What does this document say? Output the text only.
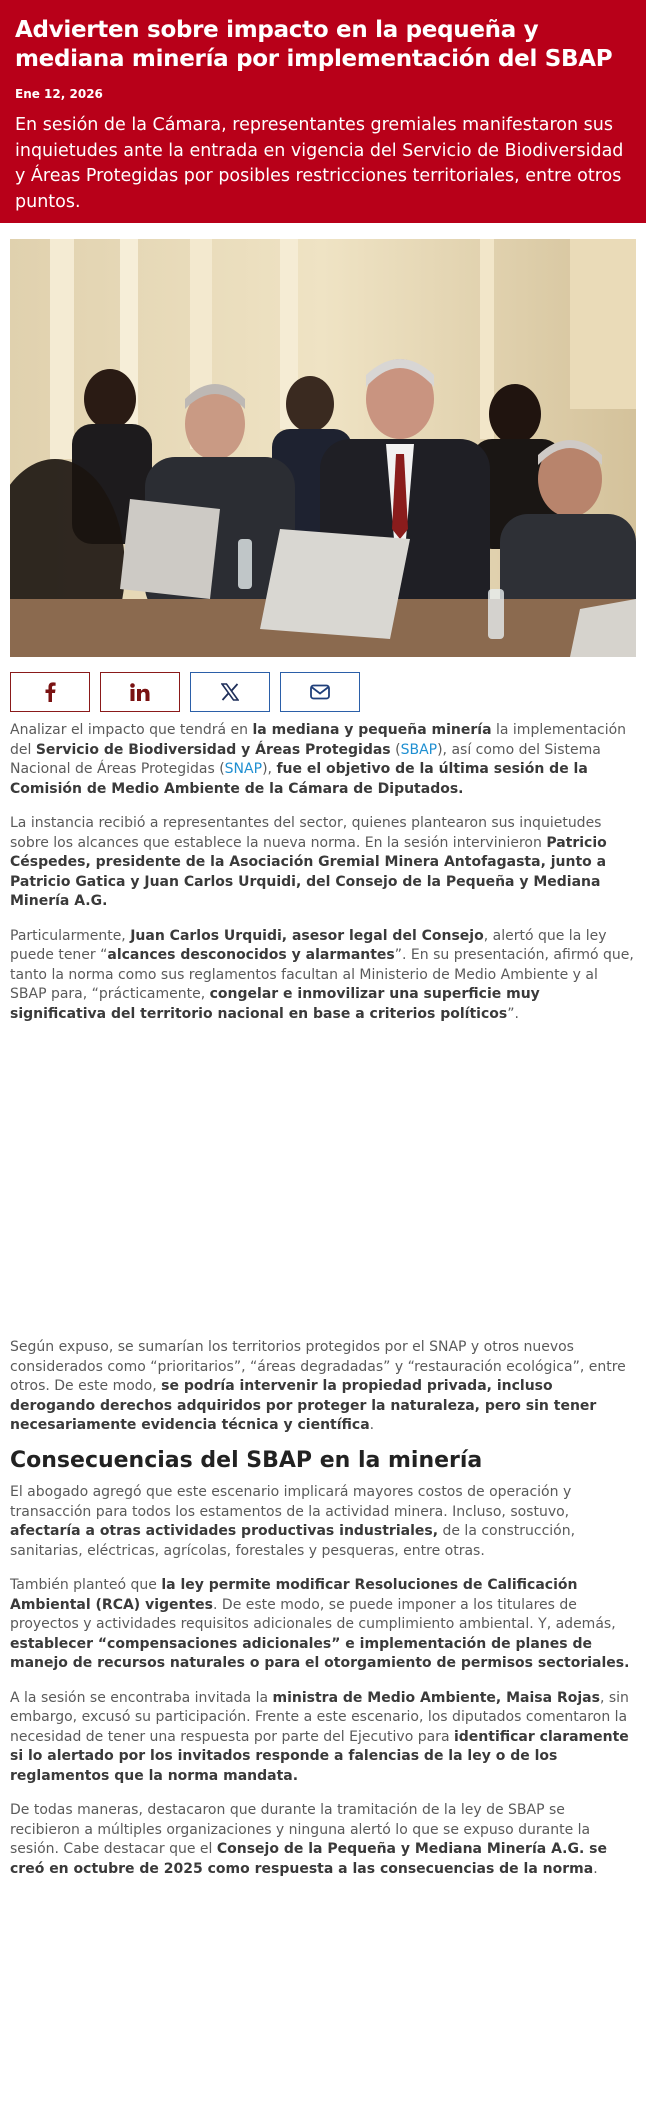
Advierten sobre impacto en la pequeña y mediana minería por implementación del SBAP
Ene 12, 2026
En sesión de la Cámara, representantes gremiales manifestaron sus inquietudes ante la entrada en vigencia del Servicio de Biodiversidad y Áreas Protegidas por posibles restricciones territoriales, entre otros puntos.

Analizar el impacto que tendrá en la mediana y pequeña minería la implementación del Servicio de Biodiversidad y Áreas Protegidas (SBAP), así como del Sistema Nacional de Áreas Protegidas (SNAP), fue el objetivo de la última sesión de la Comisión de Medio Ambiente de la Cámara de Diputados.

La instancia recibió a representantes del sector, quienes plantearon sus inquietudes sobre los alcances que establece la nueva norma. En la sesión intervinieron Patricio Céspedes, presidente de la Asociación Gremial Minera Antofagasta, junto a Patricio Gatica y Juan Carlos Urquidi, del Consejo de la Pequeña y Mediana Minería A.G.

Particularmente, Juan Carlos Urquidi, asesor legal del Consejo, alertó que la ley puede tener “alcances desconocidos y alarmantes”. En su presentación, afirmó que, tanto la norma como sus reglamentos facultan al Ministerio de Medio Ambiente y al SBAP para, “prácticamente, congelar e inmovilizar una superficie muy significativa del territorio nacional en base a criterios políticos”.

Según expuso, se sumarían los territorios protegidos por el SNAP y otros nuevos considerados como “prioritarios”, “áreas degradadas” y “restauración ecológica”, entre otros. De este modo, se podría intervenir la propiedad privada, incluso derogando derechos adquiridos por proteger la naturaleza, pero sin tener necesariamente evidencia técnica y científica.

Consecuencias del SBAP en la minería

El abogado agregó que este escenario implicará mayores costos de operación y transacción para todos los estamentos de la actividad minera. Incluso, sostuvo, afectaría a otras actividades productivas industriales, de la construcción, sanitarias, eléctricas, agrícolas, forestales y pesqueras, entre otras.

También planteó que la ley permite modificar Resoluciones de Calificación Ambiental (RCA) vigentes. De este modo, se puede imponer a los titulares de proyectos y actividades requisitos adicionales de cumplimiento ambiental. Y, además, establecer “compensaciones adicionales” e implementación de planes de manejo de recursos naturales o para el otorgamiento de permisos sectoriales.

A la sesión se encontraba invitada la ministra de Medio Ambiente, Maisa Rojas, sin embargo, excusó su participación. Frente a este escenario, los diputados comentaron la necesidad de tener una respuesta por parte del Ejecutivo para identificar claramente si lo alertado por los invitados responde a falencias de la ley o de los reglamentos que la norma mandata.

De todas maneras, destacaron que durante la tramitación de la ley de SBAP se recibieron a múltiples organizaciones y ninguna alertó lo que se expuso durante la sesión. Cabe destacar que el Consejo de la Pequeña y Mediana Minería A.G. se creó en octubre de 2025 como respuesta a las consecuencias de la norma.
